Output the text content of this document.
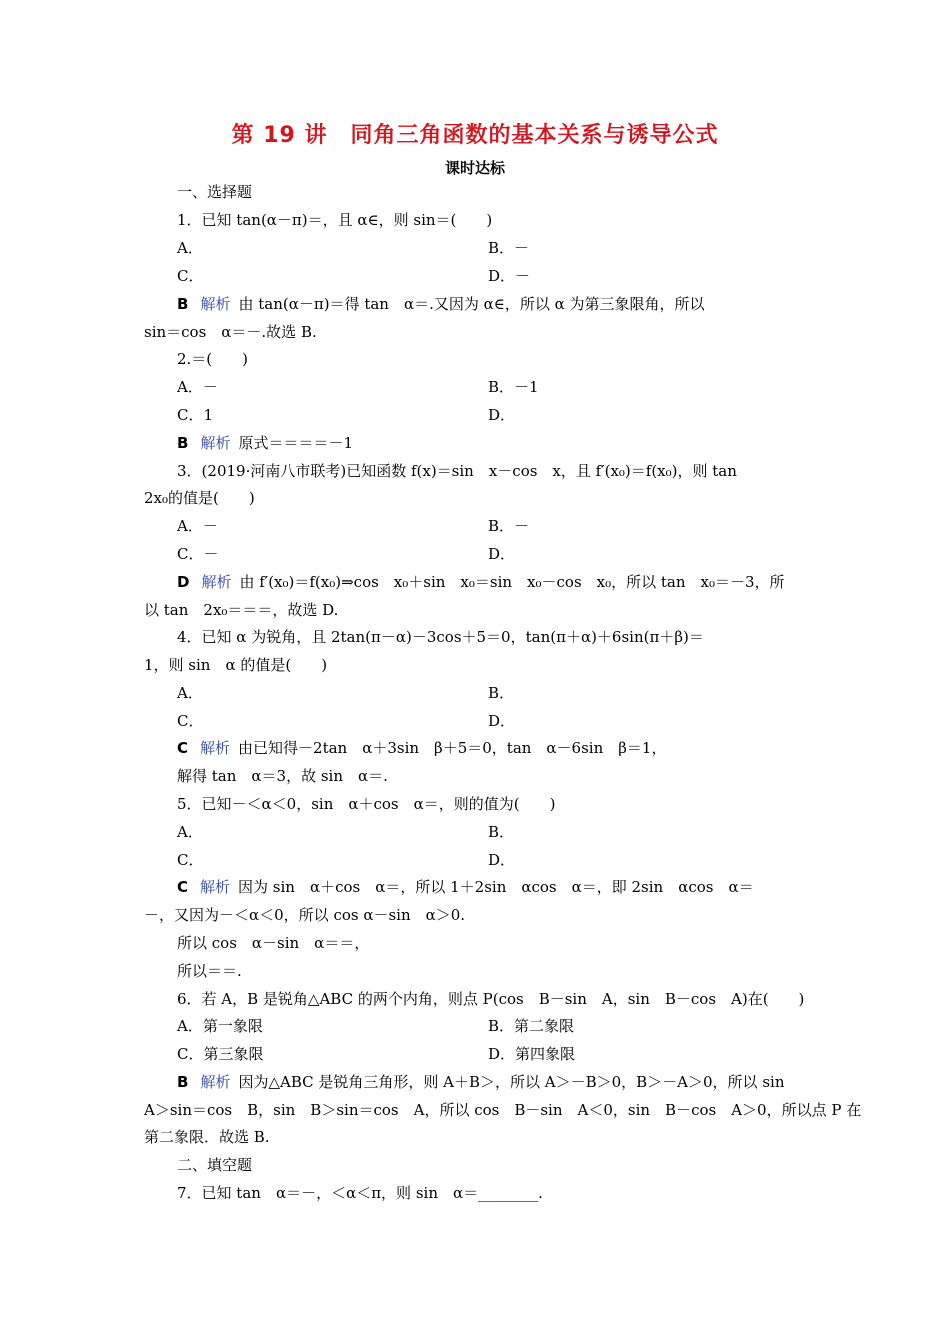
第 19 讲　同角三角函数的基本关系与诱导公式
课时达标
一、选择题
1．已知 tan(α－π)＝，且 α∈，则 sin＝(　　)
A．	B．－
C．	D．－
B 解析 由 tan(α－π)＝得 tan　α＝.又因为 α∈，所以 α 为第三象限角，所以
sin＝cos　α＝－.故选 B.
2.＝(　　)
A．－	B．－1
C．1	D．
B 解析 原式＝＝＝＝－1
3．(2019·河南八市联考)已知函数 f(x)＝sin　x－cos　x，且 f′(x₀)＝f(x₀)，则 tan
2x₀的值是(　　)
A．－	B．－
C．－	D．
D 解析 由 f′(x₀)＝f(x₀)⇒cos　x₀＋sin　x₀＝sin　x₀－cos　x₀，所以 tan　x₀＝－3，所
以 tan　2x₀＝＝＝，故选 D.
4．已知 α 为锐角，且 2tan(π－α)－3cos＋5＝0，tan(π＋α)＋6sin(π＋β)＝
1，则 sin　α 的值是(　　)
A．	B．
C．	D．
C 解析 由已知得－2tan　α＋3sin　β＋5＝0，tan　α－6sin　β＝1，
解得 tan　α＝3，故 sin　α＝.
5．已知－＜α＜0，sin　α＋cos　α＝，则的值为(　　)
A．	B．
C．	D．
C 解析 因为 sin　α＋cos　α＝，所以 1＋2sin　αcos　α＝，即 2sin　αcos　α＝
－，又因为－＜α＜0，所以 cos α－sin　α＞0.
所以 cos　α－sin　α＝＝，
所以＝＝.
6．若 A，B 是锐角△ABC 的两个内角，则点 P(cos　B－sin　A，sin　B－cos　A)在(　　)
A．第一象限	B．第二象限
C．第三象限	D．第四象限
B 解析 因为△ABC 是锐角三角形，则 A＋B＞，所以 A＞－B＞0，B＞－A＞0，所以 sin
A＞sin＝cos　B，sin　B＞sin＝cos　A，所以 cos　B－sin　A＜0，sin　B－cos　A＞0，所以点 P 在
第二象限．故选 B.
二、填空题
7．已知 tan　α＝－，＜α＜π，则 sin　α＝________.
